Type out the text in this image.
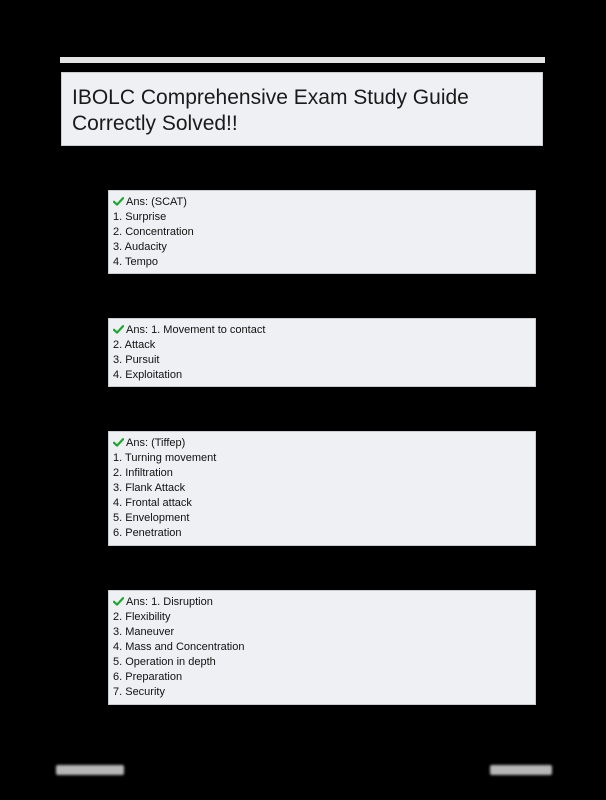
IBOLC Comprehensive Exam Study Guide
Correctly Solved!!
Ans: (SCAT)
1. Surprise
2. Concentration
3. Audacity
4. Tempo
Ans: 1. Movement to contact
2. Attack
3. Pursuit
4. Exploitation
Ans: (Tiffep)
1. Turning movement
2. Infiltration
3. Flank Attack
4. Frontal attack
5. Envelopment
6. Penetration
Ans: 1. Disruption
2. Flexibility
3. Maneuver
4. Mass and Concentration
5. Operation in depth
6. Preparation
7. Security
